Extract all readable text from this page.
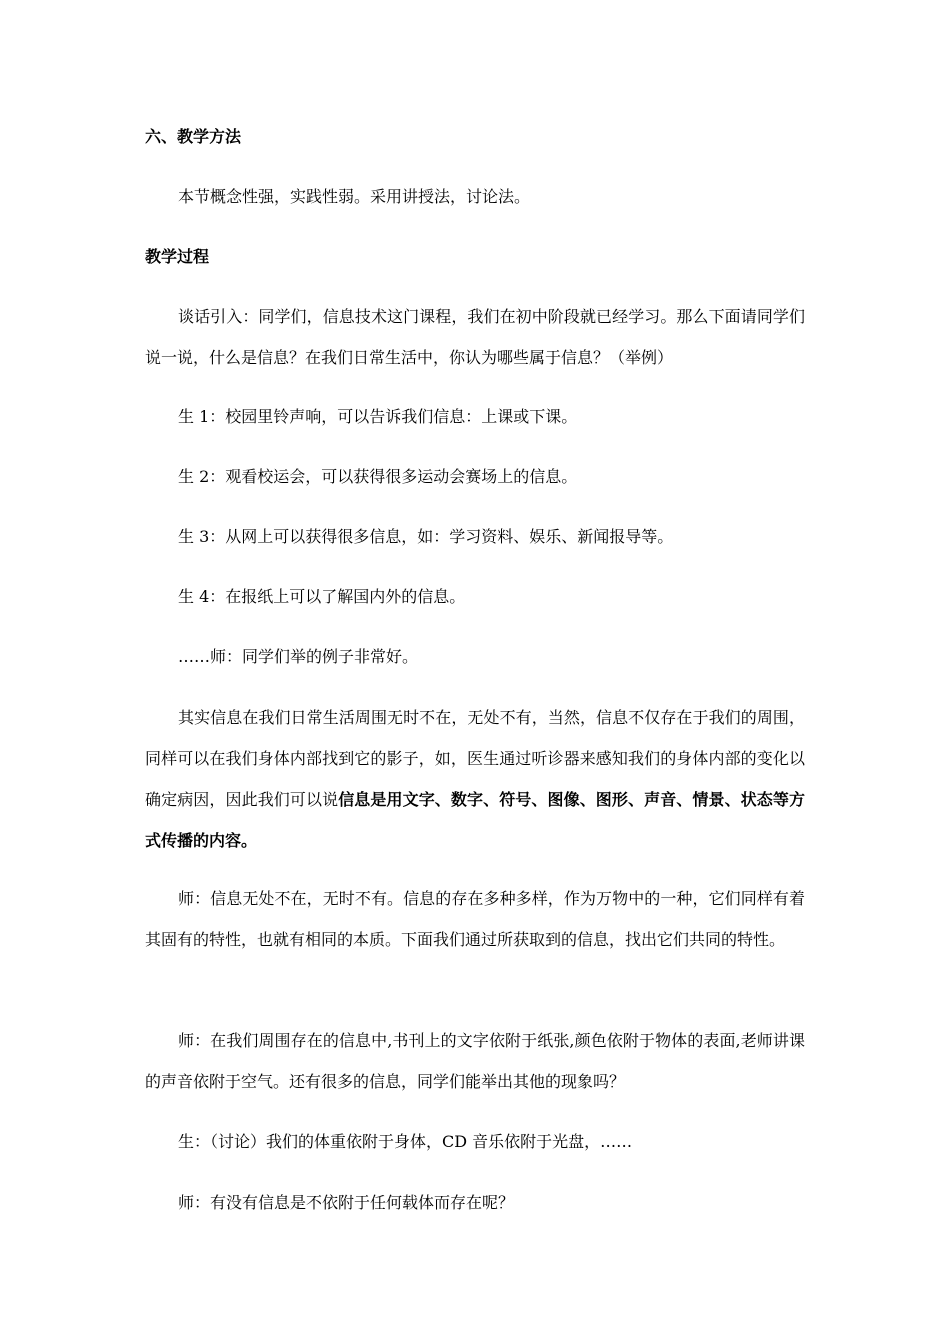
六、教学方法
本节概念性强，实践性弱。采用讲授法，讨论法。
教学过程
谈话引入：同学们，信息技术这门课程，我们在初中阶段就已经学习。那么下面请同学们说一说，什么是信息？在我们日常生活中，你认为哪些属于信息？（举例）
生 1：校园里铃声响，可以告诉我们信息：上课或下课。
生 2：观看校运会，可以获得很多运动会赛场上的信息。
生 3：从网上可以获得很多信息，如：学习资料、娱乐、新闻报导等。
生 4：在报纸上可以了解国内外的信息。
……师：同学们举的例子非常好。
其实信息在我们日常生活周围无时不在，无处不有，当然，信息不仅存在于我们的周围，同样可以在我们身体内部找到它的影子，如，医生通过听诊器来感知我们的身体内部的变化以确定病因，因此我们可以说信息是用文字、数字、符号、图像、图形、声音、情景、状态等方式传播的内容。
师：信息无处不在，无时不有。信息的存在多种多样，作为万物中的一种，它们同样有着其固有的特性，也就有相同的本质。下面我们通过所获取到的信息，找出它们共同的特性。
师：在我们周围存在的信息中,书刊上的文字依附于纸张,颜色依附于物体的表面,老师讲课的声音依附于空气。还有很多的信息，同学们能举出其他的现象吗？
生：（讨论）我们的体重依附于身体，CD 音乐依附于光盘，……
师：有没有信息是不依附于任何载体而存在呢？
